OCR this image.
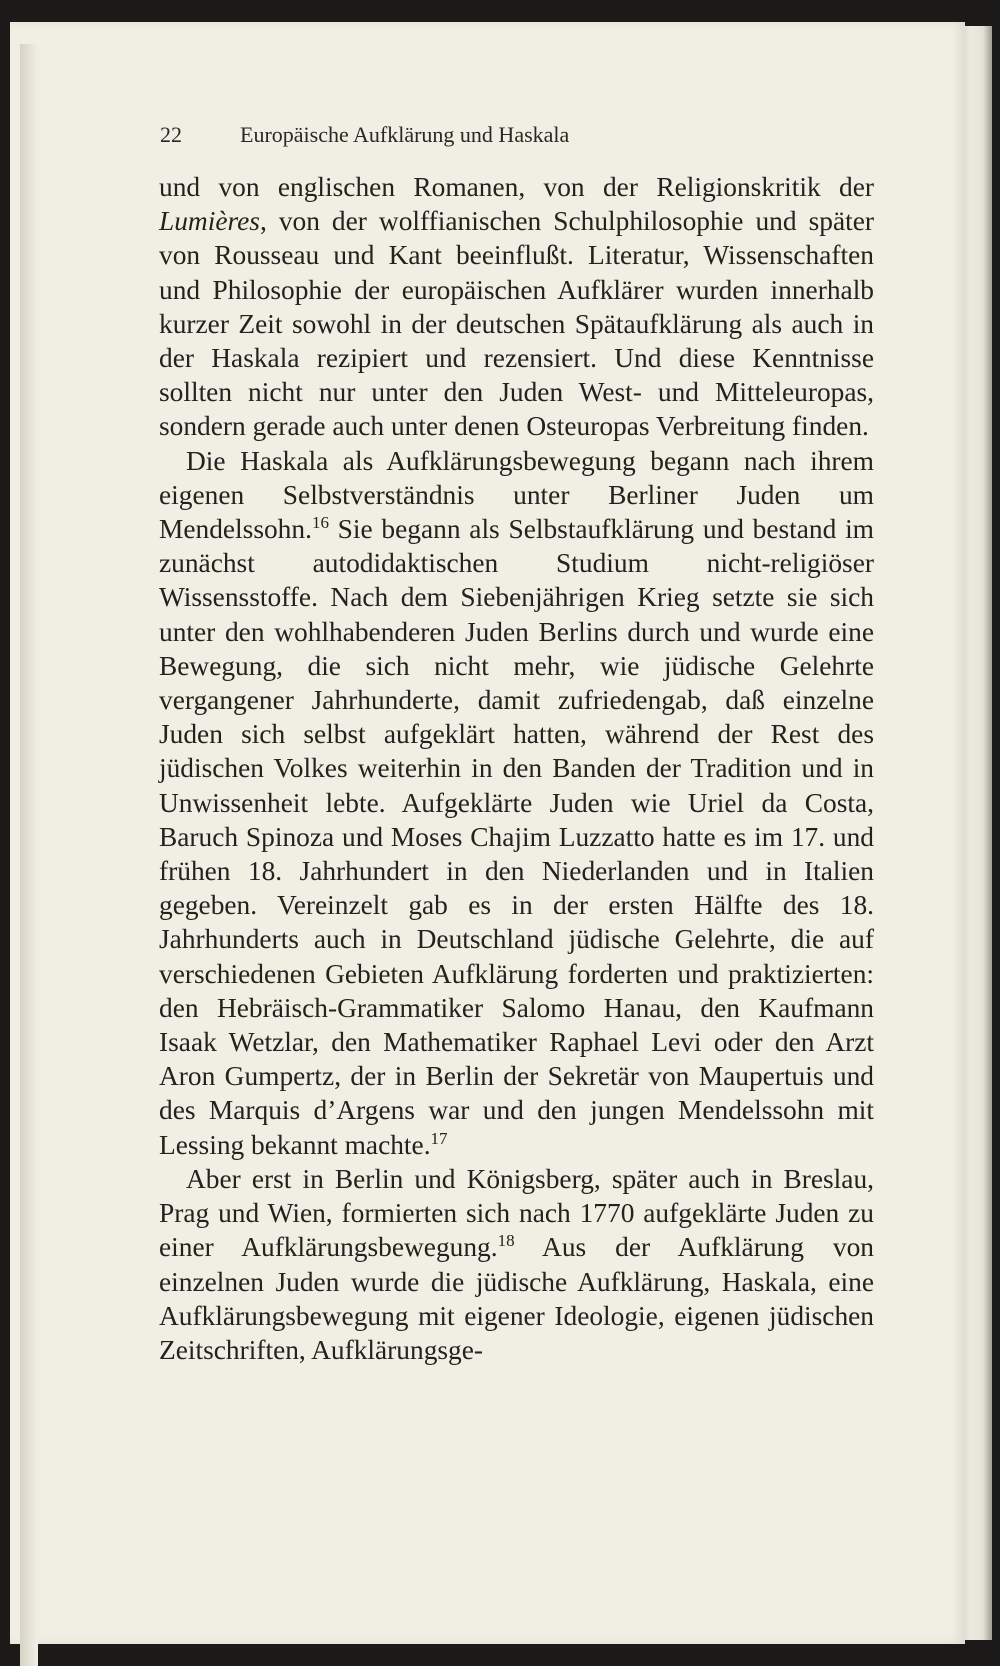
22	Europäische Aufklärung und Haskala

und von englischen Romanen, von der Religionskritik der Lumières, von der wolffianischen Schulphilosophie und später von Rousseau und Kant beeinflußt. Literatur, Wissenschaften und Philosophie der europäischen Aufklärer wurden innerhalb kurzer Zeit sowohl in der deutschen Spätaufklärung als auch in der Haskala rezipiert und rezensiert. Und diese Kenntnisse sollten nicht nur unter den Juden West- und Mitteleuropas, sondern gerade auch unter denen Osteuropas Verbreitung finden.

Die Haskala als Aufklärungsbewegung begann nach ihrem eigenen Selbstverständnis unter Berliner Juden um Mendelssohn.$^{16}$ Sie begann als Selbstaufklärung und bestand im zunächst autodidaktischen Studium nicht-religiöser Wissensstoffe. Nach dem Siebenjährigen Krieg setzte sie sich unter den wohlhabenderen Juden Berlins durch und wurde eine Bewegung, die sich nicht mehr, wie jüdische Gelehrte vergangener Jahrhunderte, damit zufriedengab, daß einzelne Juden sich selbst aufgeklärt hatten, während der Rest des jüdischen Volkes weiterhin in den Banden der Tradition und in Unwissenheit lebte. Aufgeklärte Juden wie Uriel da Costa, Baruch Spinoza und Moses Chajim Luzzatto hatte es im 17. und frühen 18. Jahrhundert in den Niederlanden und in Italien gegeben. Vereinzelt gab es in der ersten Hälfte des 18. Jahrhunderts auch in Deutschland jüdische Gelehrte, die auf verschiedenen Gebieten Aufklärung forderten und praktizierten: den Hebräisch-Grammatiker Salomo Hanau, den Kaufmann Isaak Wetzlar, den Mathematiker Raphael Levi oder den Arzt Aron Gumpertz, der in Berlin der Sekretär von Maupertuis und des Marquis d’Argens war und den jungen Mendelssohn mit Lessing bekannt machte.$^{17}$

Aber erst in Berlin und Königsberg, später auch in Breslau, Prag und Wien, formierten sich nach 1770 aufgeklärte Juden zu einer Aufklärungsbewegung.$^{18}$ Aus der Aufklärung von einzelnen Juden wurde die jüdische Aufklärung, Haskala, eine Aufklärungsbewegung mit eigener Ideologie, eigenen jüdischen Zeitschriften, Aufklärungsge-
